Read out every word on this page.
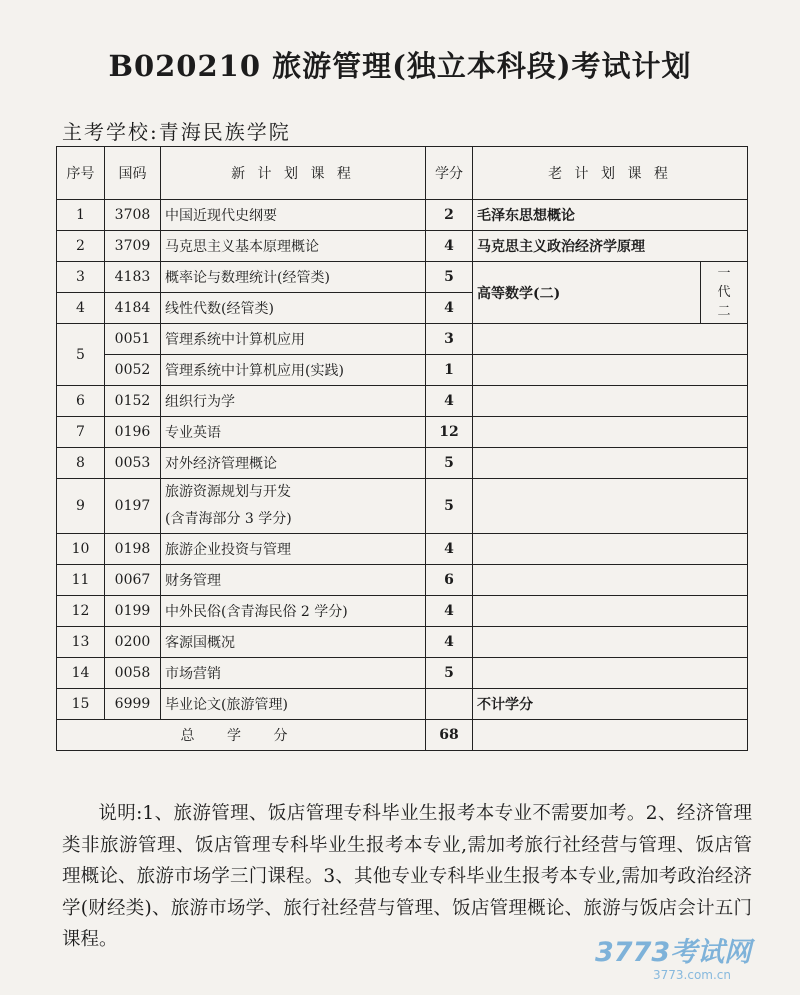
B020210 旅游管理(独立本科段)考试计划
主考学校:青海民族学院
序号	国码	新 计 划 课 程	学分	老 计 划 课 程	
1	3708	中国近现代史纲要	2	毛泽东思想概论	
2	3709	马克思主义基本原理概论	4	马克思主义政治经济学原理	
3	4183	概率论与数理统计(经管类)	5	高等数学(二)	一代二
4	4184	线性代数(经管类)	4		
5	0051	管理系统中计算机应用	3		
	0052	管理系统中计算机应用(实践)	1		
6	0152	组织行为学	4		
7	0196	专业英语	12		
8	0053	对外经济管理概论	5		
9	0197	旅游资源规划与开发
(含青海部分 3 学分)	5		
10	0198	旅游企业投资与管理	4		
11	0067	财务管理	6		
12	0199	中外民俗(含青海民俗 2 学分)	4		
13	0200	客源国概况	4		
14	0058	市场营销	5		
15	6999	毕业论文(旅游管理)		不计学分	
总 学 分			68		
说明:1、旅游管理、饭店管理专科毕业生报考本专业不需要加考。2、经济管理类非旅游管理、饭店管理专科毕业生报考本专业,需加考旅行社经营与管理、饭店管理概论、旅游市场学三门课程。3、其他专业专科毕业生报考本专业,需加考政治经济学(财经类)、旅游市场学、旅行社经营与管理、饭店管理概论、旅游与饭店会计五门课程。	3773考试网
3773.com.cn
